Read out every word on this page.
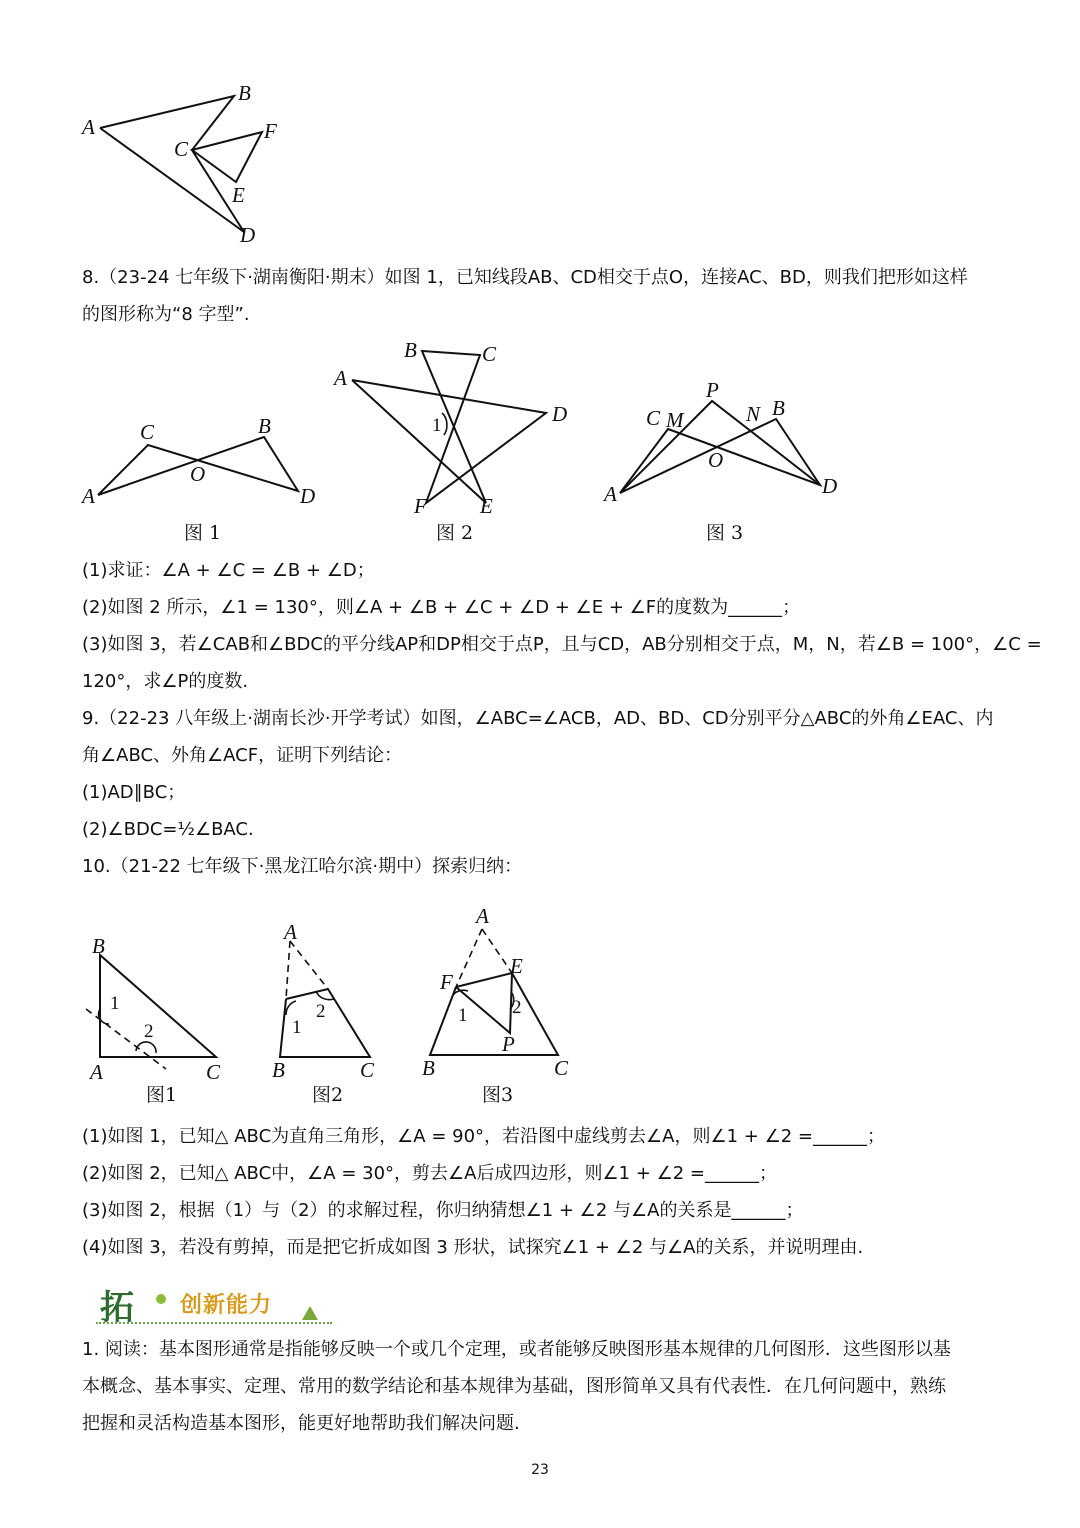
A
B
C
F
E
D

8.（23-24 七年级下·湖南衡阳·期末）如图 1，已知线段AB、CD相交于点O，连接AC、BD，则我们把形如这样

的图形称为“8 字型”.

A
C	B
D
O
图 1
A
B	C
D
F	E
1
图 2
A
C M
P
N B
D
O
图 3

(1)求证：∠A + ∠C = ∠B + ∠D；

(2)如图 2 所示，∠1 = 130°，则∠A + ∠B + ∠C + ∠D + ∠E + ∠F的度数为______；

(3)如图 3，若∠CAB和∠BDC的平分线AP和DP相交于点P，且与CD，AB分别相交于点，M，N，若∠B = 100°，∠C =

120°，求∠P的度数.

9.（22-23 八年级上·湖南长沙·开学考试）如图，∠ABC=∠ACB，AD、BD、CD分别平分△ABC的外角∠EAC、内

角∠ABC、外角∠ACF，证明下列结论：

(1)AD∥BC；

(2)∠BDC=½∠BAC.

10.（21-22 七年级下·黑龙江哈尔滨·期中）探索归纳：

B
A	C
1
2
图1
A
B	C
1
2
图2
A
F
E
P
B	C
1 2
图3

(1)如图 1，已知△ ABC为直角三角形，∠A = 90°，若沿图中虚线剪去∠A，则∠1 + ∠2 =______；

(2)如图 2，已知△ ABC中，∠A = 30°，剪去∠A后成四边形，则∠1 + ∠2 =______；

(3)如图 2，根据（1）与（2）的求解过程，你归纳猜想∠1 + ∠2 与∠A的关系是______；

(4)如图 3，若没有剪掉，而是把它折成如图 3 形状，试探究∠1 + ∠2 与∠A的关系，并说明理由.

拓 创新能力

1. 阅读：基本图形通常是指能够反映一个或几个定理，或者能够反映图形基本规律的几何图形．这些图形以基

本概念、基本事实、定理、常用的数学结论和基本规律为基础，图形简单又具有代表性．在几何问题中，熟练

把握和灵活构造基本图形，能更好地帮助我们解决问题.

23
